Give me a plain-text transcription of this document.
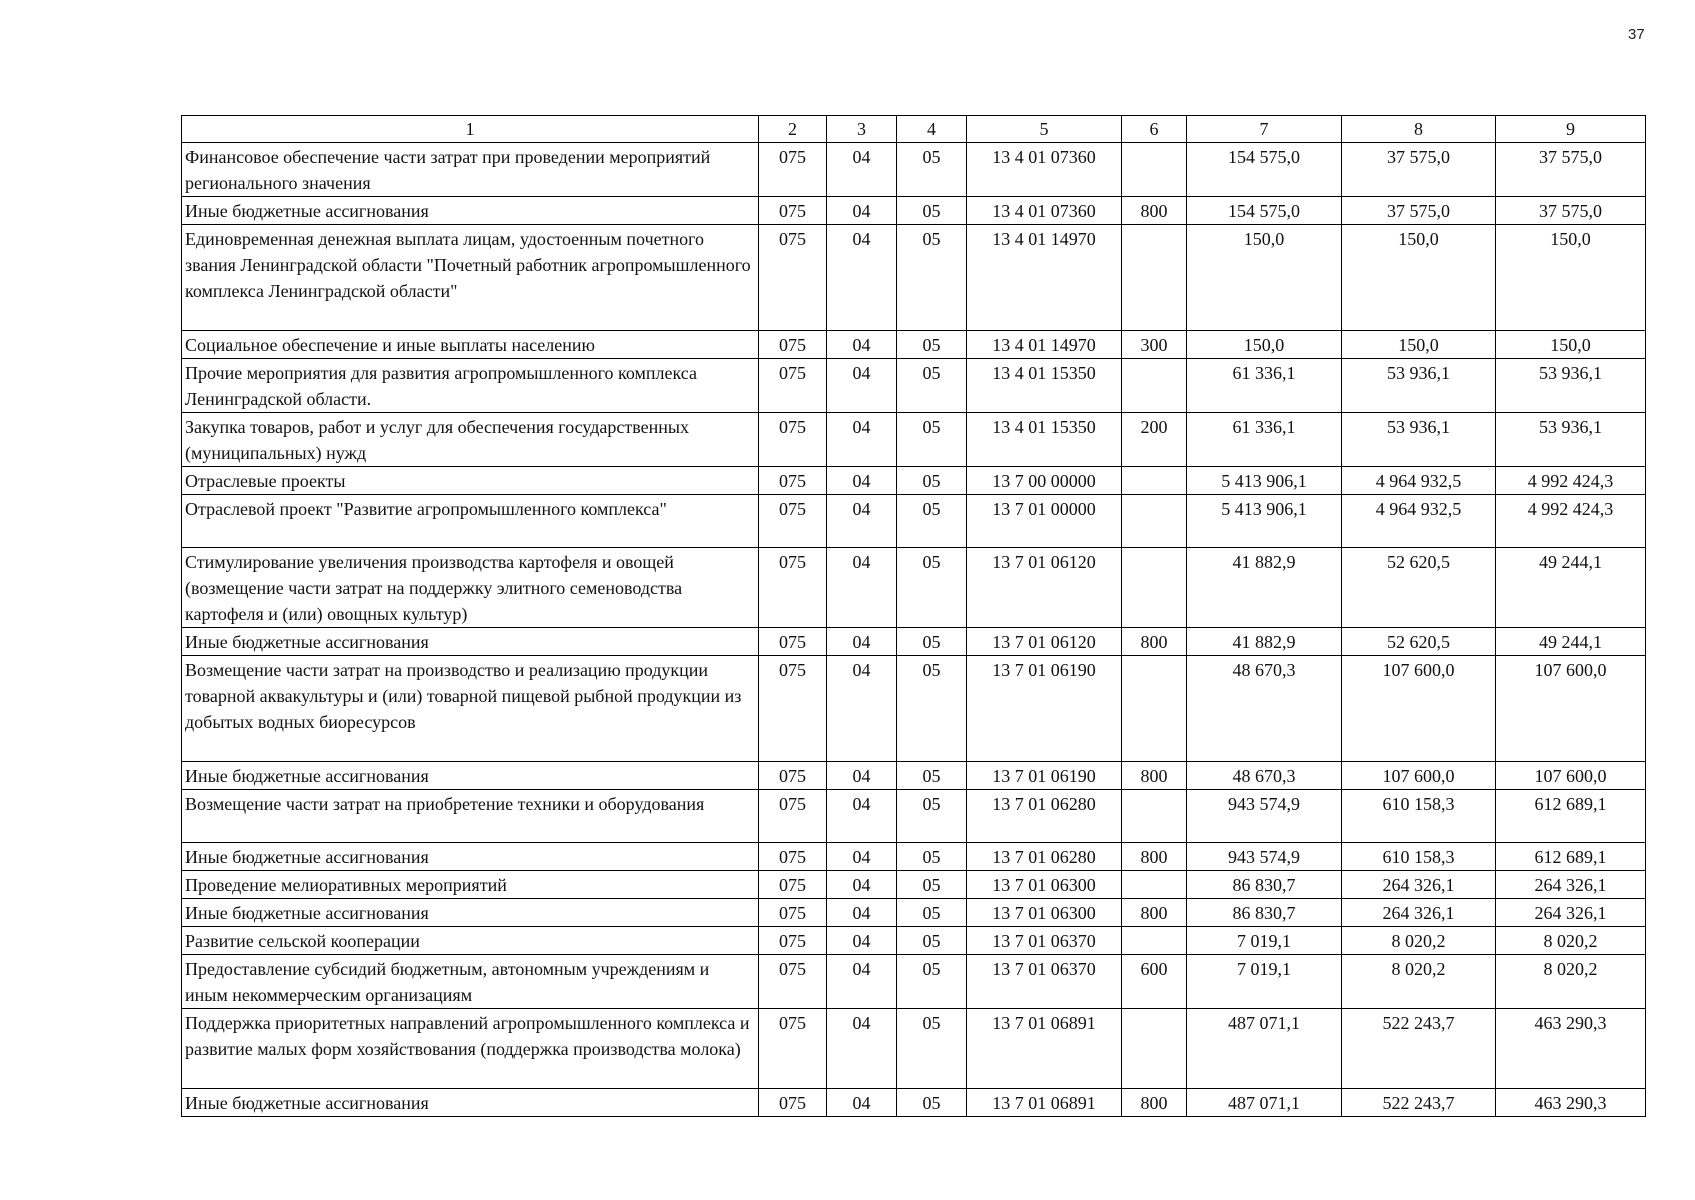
37
1	2	3	4	5	6	7	8	9
Финансовое обеспечение части затрат при проведении мероприятий регионального значения	075	04	05	13 4 01 07360		154 575,0	37 575,0	37 575,0
Иные бюджетные ассигнования	075	04	05	13 4 01 07360	800	154 575,0	37 575,0	37 575,0
Единовременная денежная выплата лицам, удостоенным почетного звания Ленинградской области "Почетный работник агропромышленного комплекса Ленинградской области"	075	04	05	13 4 01 14970		150,0	150,0	150,0
Социальное обеспечение и иные выплаты населению	075	04	05	13 4 01 14970	300	150,0	150,0	150,0
Прочие мероприятия для развития агропромышленного комплекса Ленинградской области.	075	04	05	13 4 01 15350		61 336,1	53 936,1	53 936,1
Закупка товаров, работ и услуг для обеспечения государственных (муниципальных) нужд	075	04	05	13 4 01 15350	200	61 336,1	53 936,1	53 936,1
Отраслевые проекты	075	04	05	13 7 00 00000		5 413 906,1	4 964 932,5	4 992 424,3
Отраслевой проект "Развитие агропромышленного комплекса"	075	04	05	13 7 01 00000		5 413 906,1	4 964 932,5	4 992 424,3
Стимулирование увеличения производства картофеля и овощей (возмещение части затрат на поддержку элитного семеноводства картофеля и (или) овощных культур)	075	04	05	13 7 01 06120		41 882,9	52 620,5	49 244,1
Иные бюджетные ассигнования	075	04	05	13 7 01 06120	800	41 882,9	52 620,5	49 244,1
Возмещение части затрат на производство и реализацию продукции товарной аквакультуры и (или) товарной пищевой рыбной продукции из добытых водных биоресурсов	075	04	05	13 7 01 06190		48 670,3	107 600,0	107 600,0
Иные бюджетные ассигнования	075	04	05	13 7 01 06190	800	48 670,3	107 600,0	107 600,0
Возмещение части затрат на приобретение техники и оборудования	075	04	05	13 7 01 06280		943 574,9	610 158,3	612 689,1
Иные бюджетные ассигнования	075	04	05	13 7 01 06280	800	943 574,9	610 158,3	612 689,1
Проведение мелиоративных мероприятий	075	04	05	13 7 01 06300		86 830,7	264 326,1	264 326,1
Иные бюджетные ассигнования	075	04	05	13 7 01 06300	800	86 830,7	264 326,1	264 326,1
Развитие сельской кооперации	075	04	05	13 7 01 06370		7 019,1	8 020,2	8 020,2
Предоставление субсидий бюджетным, автономным учреждениям и иным некоммерческим организациям	075	04	05	13 7 01 06370	600	7 019,1	8 020,2	8 020,2
Поддержка приоритетных направлений агропромышленного комплекса и развитие малых форм хозяйствования (поддержка производства молока)	075	04	05	13 7 01 06891		487 071,1	522 243,7	463 290,3
Иные бюджетные ассигнования	075	04	05	13 7 01 06891	800	487 071,1	522 243,7	463 290,3
